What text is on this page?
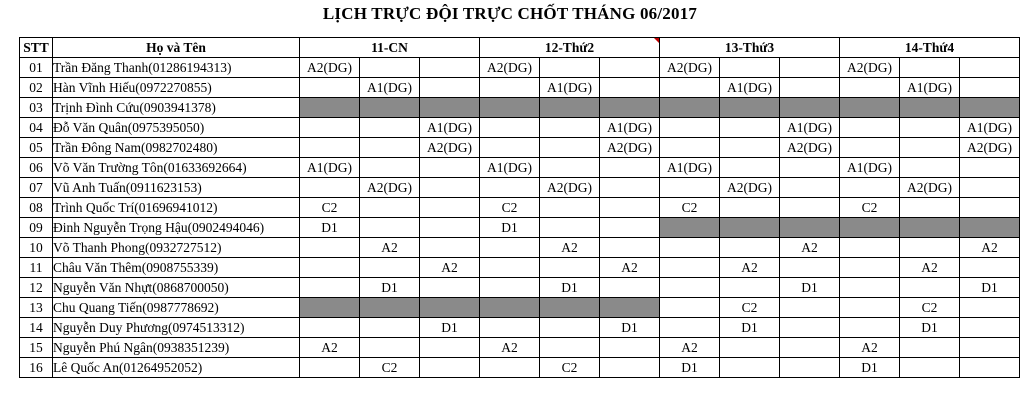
LỊCH TRỰC ĐỘI TRỰC CHỐT THÁNG 06/2017
STT	Họ và Tên	11-CN			12-Thứ2			13-Thứ3			14-Thứ4		
01	Trần Đăng Thanh(01286194313)	A2(DG)			A2(DG)			A2(DG)			A2(DG)		
02	Hàn Vĩnh Hiếu(0972270855)		A1(DG)			A1(DG)			A1(DG)			A1(DG)	
03	Trịnh Đình Cứu(0903941378)												
04	Đỗ Văn Quân(0975395050)			A1(DG)			A1(DG)			A1(DG)			A1(DG)
05	Trần Đông Nam(0982702480)			A2(DG)			A2(DG)			A2(DG)			A2(DG)
06	Võ Văn Trường Tôn(01633692664)	A1(DG)			A1(DG)			A1(DG)			A1(DG)		
07	Vũ Anh Tuấn(0911623153)		A2(DG)			A2(DG)			A2(DG)			A2(DG)	
08	Trình Quốc Trí(01696941012)	C2			C2			C2			C2		
09	Đinh Nguyễn Trọng Hậu(0902494046)	D1			D1								
10	Võ Thanh Phong(0932727512)		A2			A2				A2			A2
11	Châu Văn Thêm(0908755339)			A2			A2		A2			A2	
12	Nguyễn Văn Nhựt(0868700050)		D1			D1				D1			D1
13	Chu Quang Tiến(0987778692)								C2			C2	
14	Nguyễn Duy Phương(0974513312)			D1			D1		D1			D1	
15	Nguyễn Phú Ngân(0938351239)	A2			A2			A2			A2		
16	Lê Quốc An(01264952052)		C2			C2		D1			D1		
